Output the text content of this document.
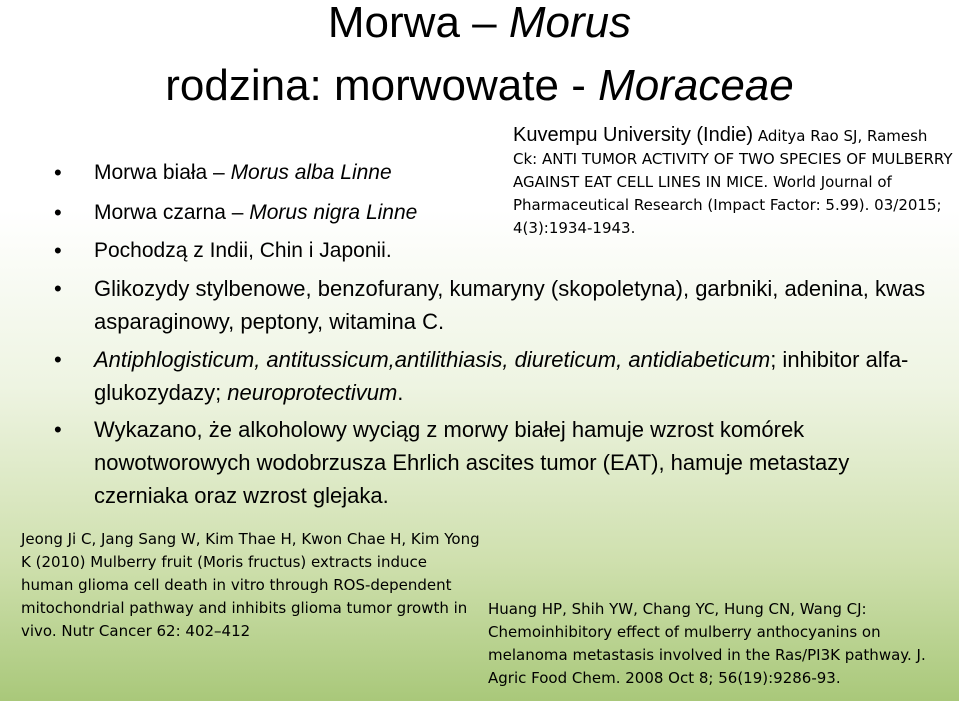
Morwa – Morus
rodzina: morwowate - Moraceae
• Morwa biała – Morus alba Linne
• Morwa czarna – Morus nigra Linne
• Pochodzą z Indii, Chin i Japonii.
Kuvempu University (Indie) Aditya Rao SJ, Ramesh Ck: ANTI TUMOR ACTIVITY OF TWO SPECIES OF MULBERRY AGAINST EAT CELL LINES IN MICE. World Journal of Pharmaceutical Research (Impact Factor: 5.99). 03/2015; 4(3):1934-1943.
• Glikozydy stylbenowe, benzofurany, kumaryny (skopoletyna), garbniki, adenina, kwas asparaginowy, peptony, witamina C.
• Antiphlogisticum, antitussicum,antilithiasis, diureticum, antidiabeticum; inhibitor alfa-glukozydazy; neuroprotectivum.
• Wykazano, że alkoholowy wyciąg z morwy białej hamuje wzrost komórek nowotworowych wodobrzusza Ehrlich ascites tumor (EAT), hamuje metastazy czerniaka oraz wzrost glejaka.
Jeong Ji C, Jang Sang W, Kim Thae H, Kwon Chae H, Kim Yong K (2010) Mulberry fruit (Moris fructus) extracts induce human glioma cell death in vitro through ROS-dependent mitochondrial pathway and inhibits glioma tumor growth in vivo. Nutr Cancer 62: 402–412
Huang HP, Shih YW, Chang YC, Hung CN, Wang CJ: Chemoinhibitory effect of mulberry anthocyanins on melanoma metastasis involved in the Ras/PI3K pathway. J. Agric Food Chem. 2008 Oct 8; 56(19):9286-93.
